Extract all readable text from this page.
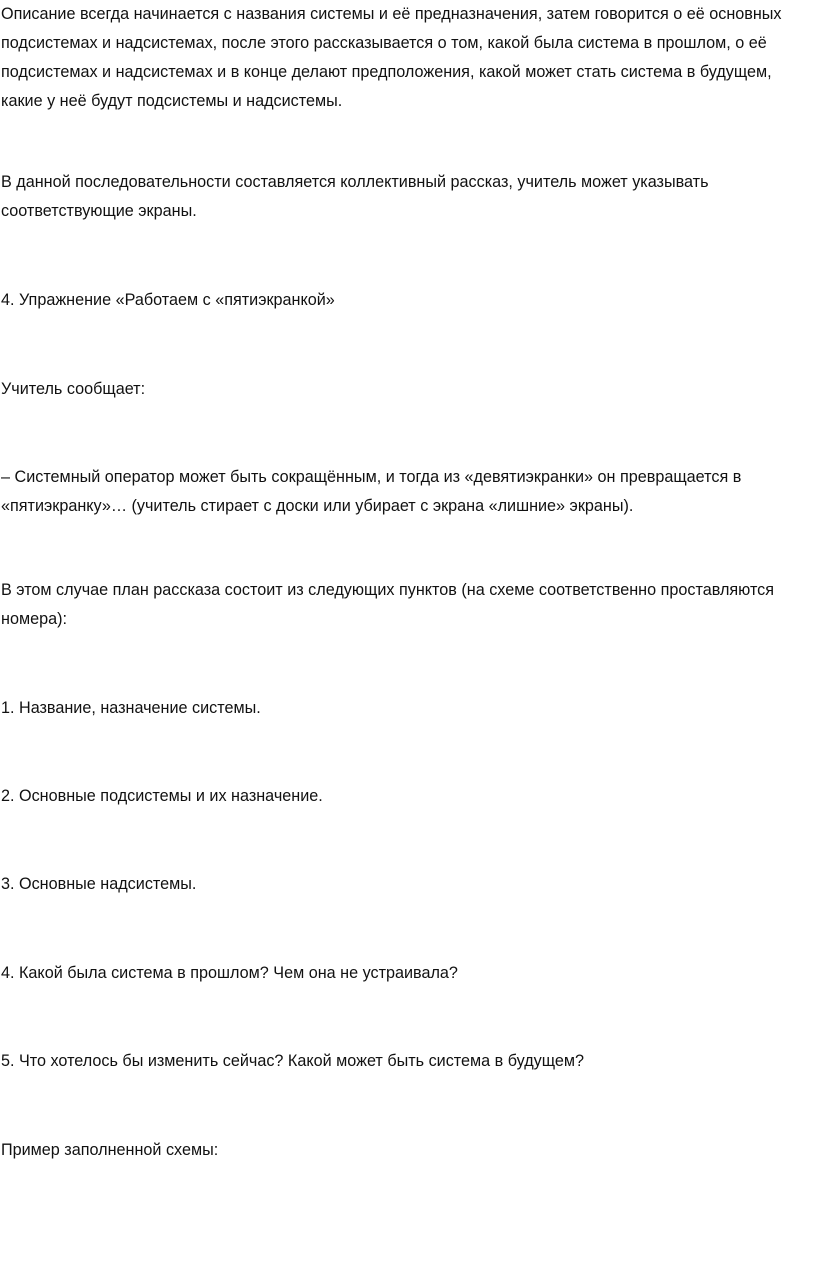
Описание всегда начинается с названия системы и её предназначения, затем говорится о её основных подсистемах и надсистемах, после этого рассказывается о том, какой была система в прошлом, о её подсистемах и надсистемах и в конце делают предположения, какой может стать система в будущем, какие у неё будут подсистемы и надсистемы.

В данной последовательности составляется коллективный рассказ, учитель может указывать соответствующие экраны.

4. Упражнение «Работаем с «пятиэкранкой»

Учитель сообщает:

– Системный оператор может быть сокращённым, и тогда из «девятиэкранки» он превращается в «пятиэкранку»… (учитель стирает с доски или убирает с экрана «лишние» экраны).

В этом случае план рассказа состоит из следующих пунктов (на схеме соответственно проставляются номера):

1. Название, назначение системы.

2. Основные подсистемы и их назначение.

3. Основные надсистемы.

4. Какой была система в прошлом? Чем она не устраивала?

5. Что хотелось бы изменить сейчас? Какой может быть система в будущем?

Пример заполненной схемы:
